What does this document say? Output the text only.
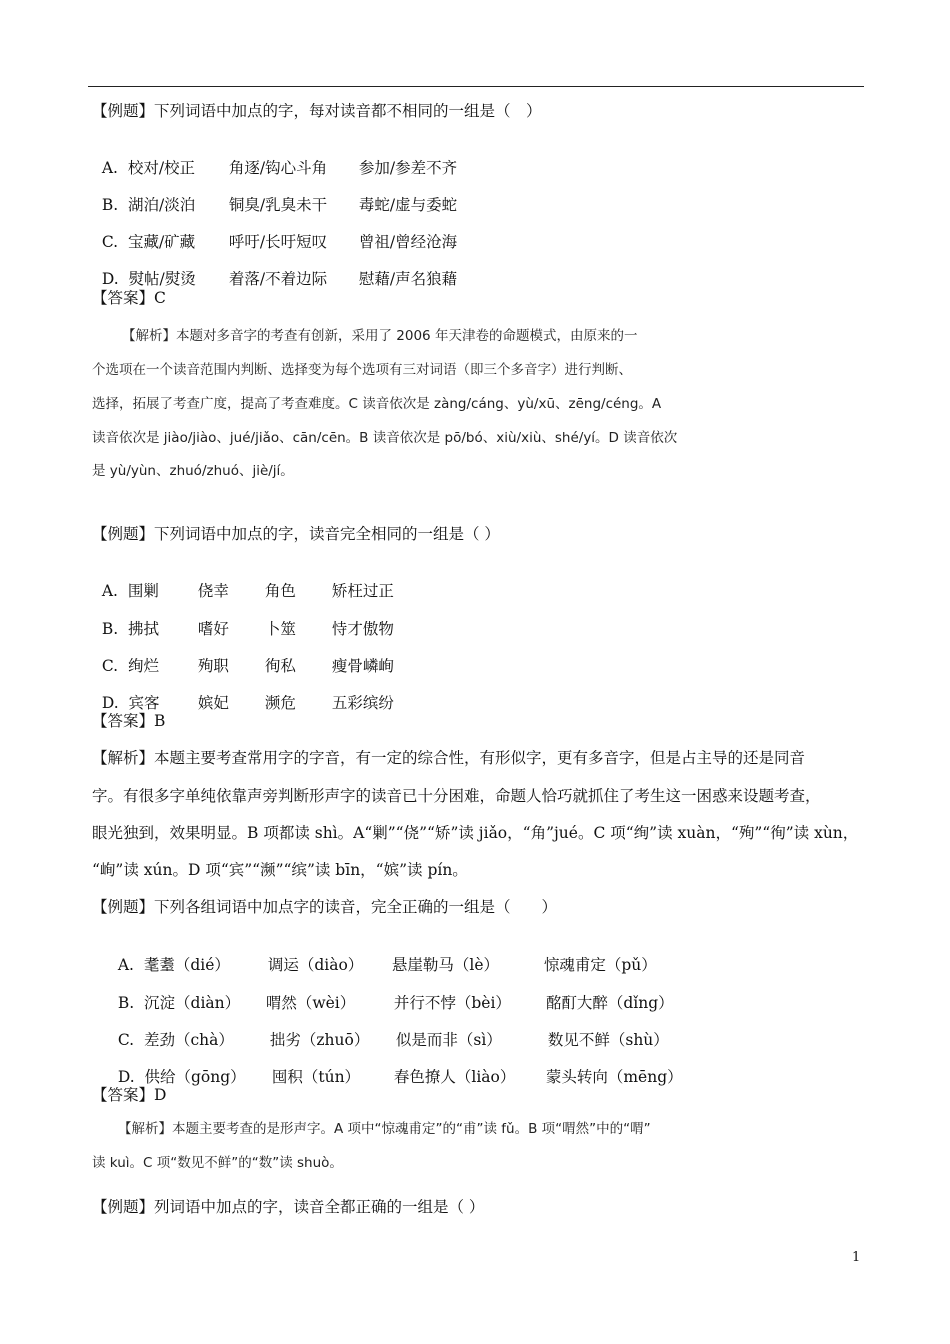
【例题】下列词语中加点的字，每对读音都不相同的一组是（　）

A.  校对/校正 角逐/钩心斗角 参加/参差不齐

B.  湖泊/淡泊 铜臭/乳臭未干 毒蛇/虚与委蛇

C.  宝藏/矿藏 呼吁/长吁短叹 曾祖/曾经沧海

D.  熨帖/熨烫 着落/不着边际 慰藉/声名狼藉

【答案】C
【解析】本题对多音字的考查有创新，采用了 2006 年天津卷的命题模式，由原来的一
个选项在一个读音范围内判断、选择变为每个选项有三对词语（即三个多音字）进行判断、
选择，拓展了考查广度，提高了考查难度。C 读音依次是 zàng/cáng、yù/xū、zēng/céng。A
读音依次是 jiào/jiào、jué/jiǎo、cān/cēn。B 读音依次是 pō/bó、xiù/xiù、shé/yí。D 读音依次
是 yù/yùn、zhuó/zhuó、jiè/jí。
【例题】下列词语中加点的字，读音完全相同的一组是（ ）

A.  围剿	侥幸 角色 矫枉过正

B.  拂拭	嗜好 卜筮 恃才傲物

C.  绚烂	殉职 徇私 瘦骨嶙峋

D.  宾客 嫔妃 濒危 五彩缤纷

【答案】B
【解析】本题主要考查常用字的字音，有一定的综合性，有形似字，更有多音字，但是占主导的还是同音
字。有很多字单纯依靠声旁判断形声字的读音已十分困难，命题人恰巧就抓住了考生这一困惑来设题考查，
眼光独到，效果明显。B 项都读 shì。A“剿”“侥”“矫”读 jiǎo，“角”jué。C 项“绚”读 xuàn，“殉”“徇”读 xùn，
“峋”读 xún。D 项“宾”“濒”“缤”读 bīn，“嫔”读 pín。
【例题】下列各组词语中加点字的读音，完全正确的一组是（　　）

A.  耄耋（dié） 调运（diào） 悬崖勒马（lè）	惊魂甫定（pǔ）

B.  沉淀（diàn） 喟然（wèi） 并行不悖（bèi） 酩酊大醉（dǐng）

C.  差劲（chà） 拙劣（zhuō） 似是而非（sì）	数见不鲜（shù）

D.  供给（gōng） 囤积（tún） 春色撩人（liào） 蒙头转向（mēng）

【答案】D
【解析】本题主要考查的是形声字。A 项中“惊魂甫定”的“甫”读 fǔ。B 项“喟然”中的“喟”
读 kuì。C 项“数见不鲜”的“数”读 shuò。
【例题】列词语中加点的字，读音全都正确的一组是（ ）
1
